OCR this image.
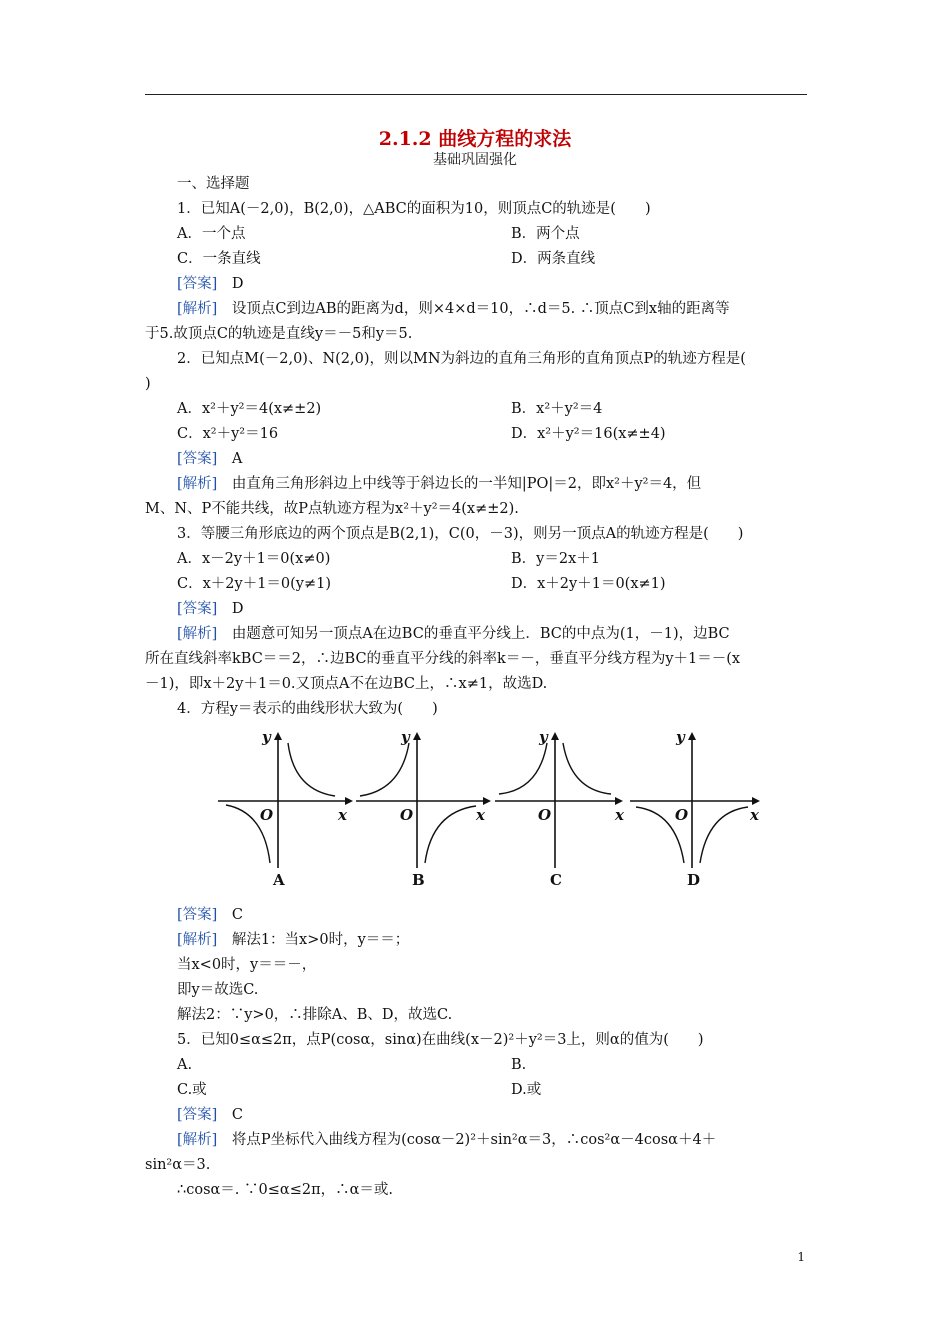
2.1.2 曲线方程的求法
基础巩固强化
一、选择题
1．已知A(－2,0)，B(2,0)，△ABC的面积为10，则顶点C的轨迹是(　　)
A．一个点	B．两个点
C．一条直线	D．两条直线
[答案]　D
[解析]　设顶点C到边AB的距离为d，则×4×d＝10，∴d＝5. ∴顶点C到x轴的距离等
于5.故顶点C的轨迹是直线y＝－5和y＝5.
2．已知点M(－2,0)、N(2,0)，则以MN为斜边的直角三角形的直角顶点P的轨迹方程是(
)
A．x²＋y²＝4(x≠±2)	B．x²＋y²＝4
C．x²＋y²＝16	D．x²＋y²＝16(x≠±4)
[答案]　A
[解析]　由直角三角形斜边上中线等于斜边长的一半知|PO|＝2，即x²＋y²＝4，但
M、N、P不能共线，故P点轨迹方程为x²＋y²＝4(x≠±2).
3．等腰三角形底边的两个顶点是B(2,1)，C(0，－3)，则另一顶点A的轨迹方程是(　　)
A．x－2y＋1＝0(x≠0)	B．y＝2x＋1
C．x＋2y＋1＝0(y≠1)	D．x＋2y＋1＝0(x≠1)
[答案]　D
[解析]　由题意可知另一顶点A在边BC的垂直平分线上．BC的中点为(1，－1)，边BC
所在直线斜率kBC＝＝2，∴边BC的垂直平分线的斜率k＝－，垂直平分线方程为y＋1＝－(x
－1)，即x＋2y＋1＝0.又顶点A不在边BC上，∴x≠1，故选D.
4．方程y＝表示的曲线形状大致为(　　)
[答案]　C
[解析]　解法1：当x>0时，y＝＝；
当x<0时，y＝＝－，
即y＝故选C.
解法2：∵y>0，∴排除A、B、D，故选C.
5．已知0≤α≤2π，点P(cosα，sinα)在曲线(x－2)²＋y²＝3上，则α的值为(　　)
A.	B.
C.或	D.或
[答案]　C
[解析]　将点P坐标代入曲线方程为(cosα－2)²＋sin²α＝3，∴cos²α－4cosα＋4＋
sin²α＝3.
∴cosα＝. ∵0≤α≤2π，∴α＝或.
y
x
O
A
y
x
O
B
y
x
O
C
y
x
O
D
1
